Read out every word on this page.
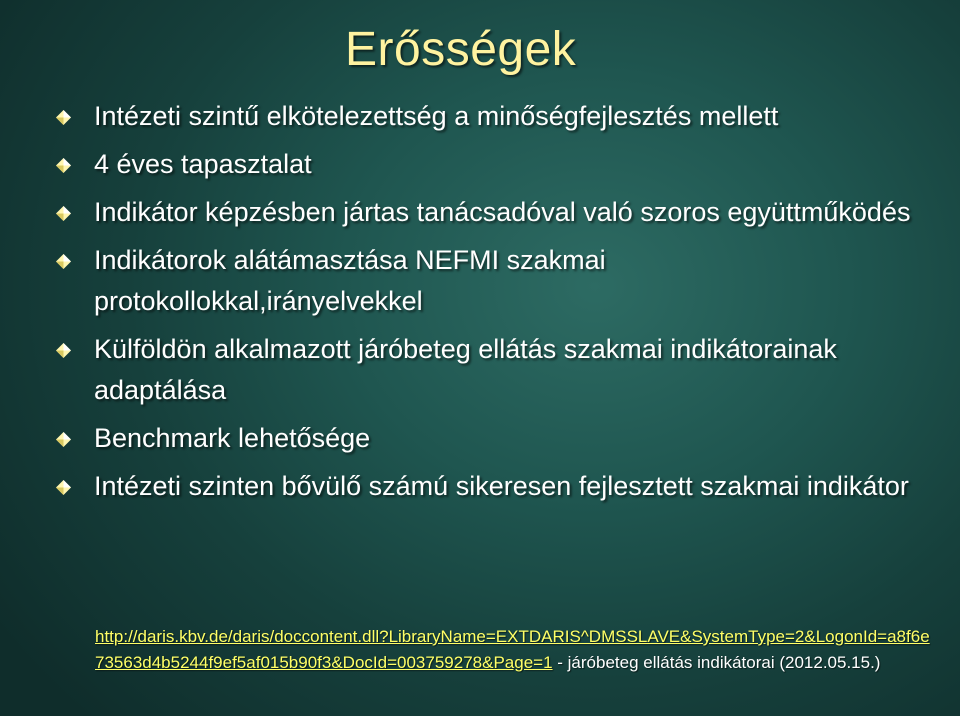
Erősségek
Intézeti szintű elkötelezettség a minőségfejlesztés mellett
4 éves tapasztalat
Indikátor képzésben jártas tanácsadóval való szoros együttműködés
Indikátorok alátámasztása NEFMI szakmai protokollokkal,irányelvekkel
Külföldön alkalmazott járóbeteg ellátás szakmai indikátorainak adaptálása
Benchmark lehetősége
Intézeti szinten bővülő számú sikeresen fejlesztett szakmai indikátor
http://daris.kbv.de/daris/doccontent.dll?LibraryName=EXTDARIS^DMSSLAVE&SystemType=2&LogonId=a8f6e73563d4b5244f9ef5af015b90f3&DocId=003759278&Page=1 - járóbeteg ellátás indikátorai (2012.05.15.)
